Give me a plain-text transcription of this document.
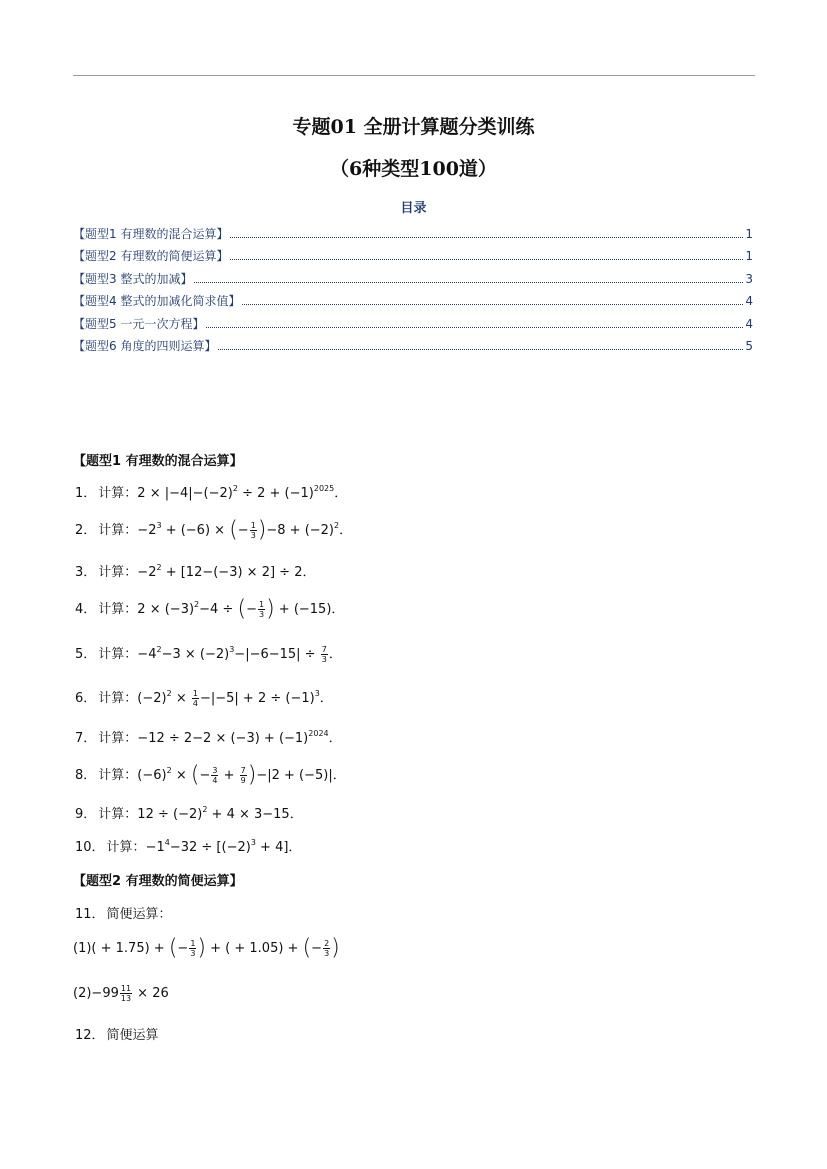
专题01 全册计算题分类训练
（6种类型100道）
目录
【题型1 有理数的混合运算】	1
【题型2 有理数的简便运算】	1
【题型3 整式的加减】	3
【题型4 整式的加减化简求值】	4
【题型5 一元一次方程】	4
【题型6 角度的四则运算】	5
【题型1 有理数的混合运算】
1． 计算：$2 \times |-4|-(-2)^2 \div 2 + (-1)^{2025}$．
2． 计算：$-2^3 + (-6)$ × (− $\frac{1}{3} )-8 + (-2)^2$．
3． 计算：$-2^2 + [12-(-3) \times 2] \div 2$．
4． 计算：$2 \times (-3)^2-4$ ÷ (− $\frac{1}{3}$ ) + (−15)．
5． 计算：$-4^2-3 \times (-2)^3-|-6-15| \div \frac{7}{3}$ ．
6． 计算：$(-2)^2 \times \frac{1}{4} -|-5| + 2 \div (-1)^3$．
7． 计算：$-12 \div 2-2 \times (-3) + (-1)^{2024}$．
8． 计算：$(-6)^2$ × (− $\frac{3}{4} + \frac{7}{9} )-|2 + (-5)|$．
9． 计算：$12 \div (-2)^2 + 4 \times 3-15$．
10． 计算：$-1^4-32 \div [(-2)^3 + 4]$．
【题型2 有理数的简便运算】
11． 简便运算：
(1)( + 1.75) + (− $\frac{1}{3}$ ) + ( + 1.05) + (− $\frac{2}{3}$ )
$(2)-99 \frac{11}{13} \times 26$
12． 简便运算
